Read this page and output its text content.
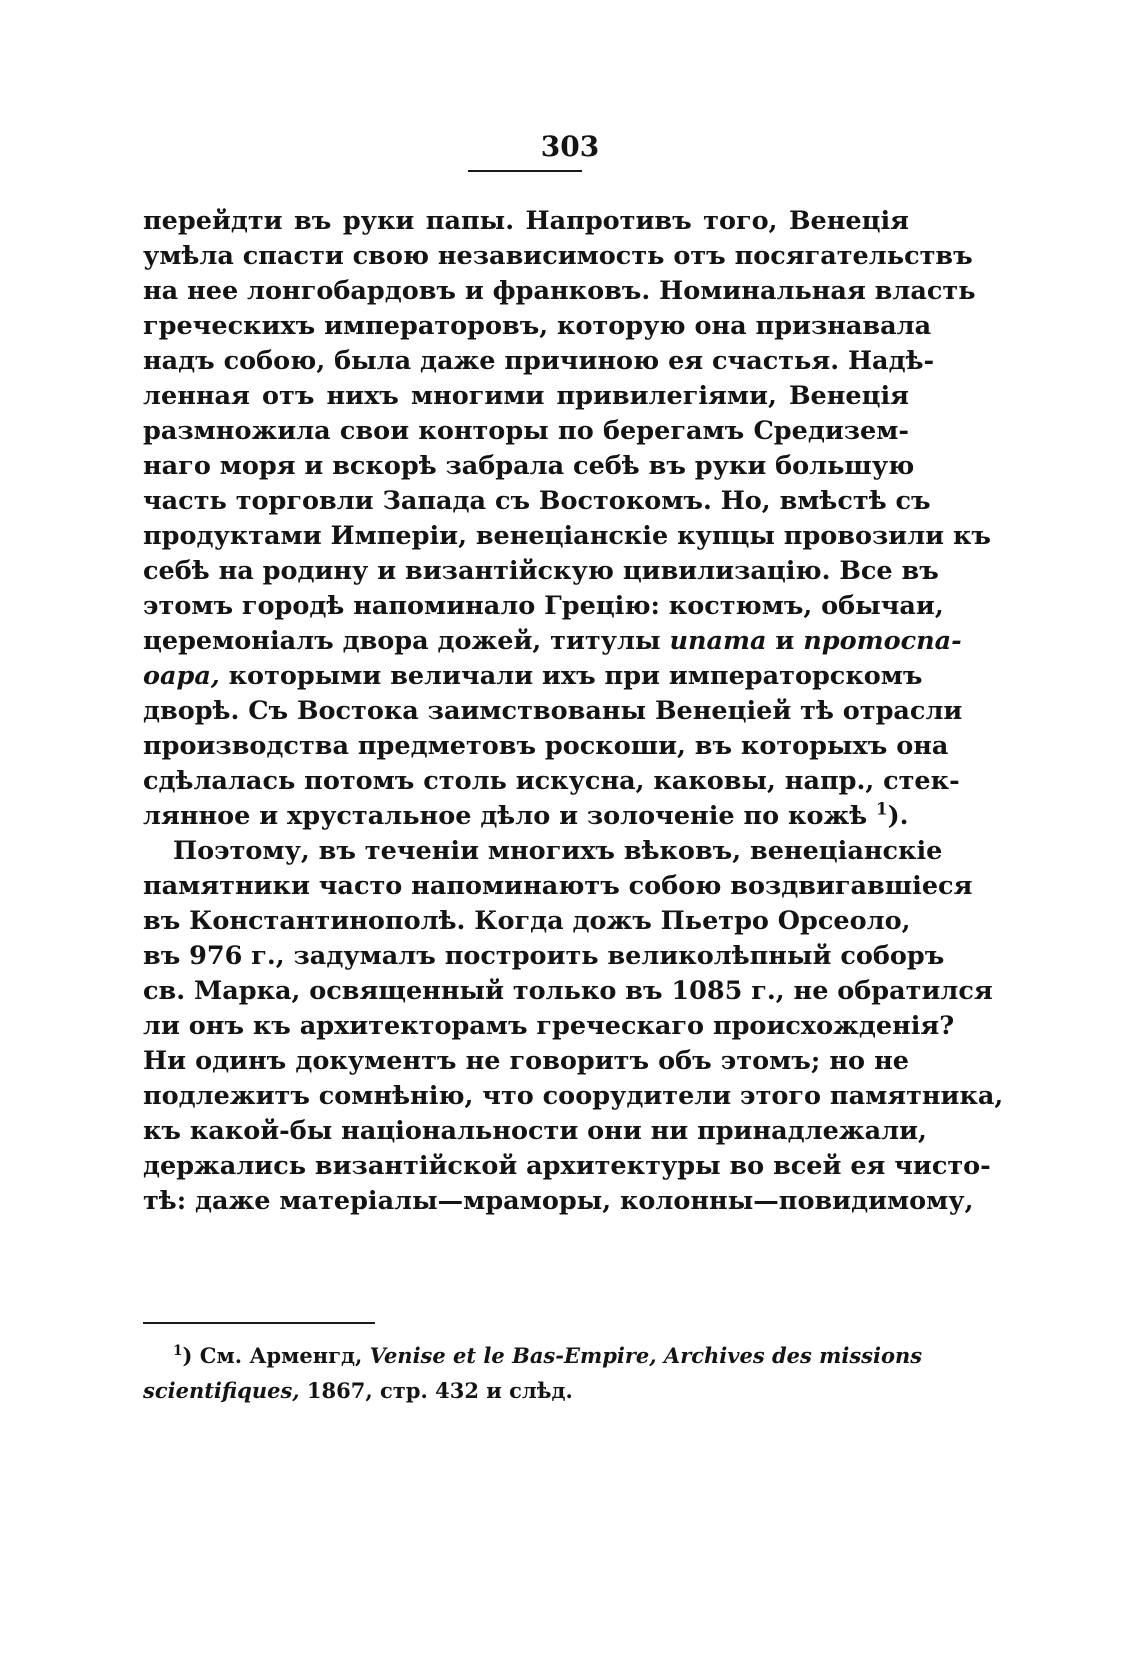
303
перейдти въ руки папы. Напротивъ того, Венецiя
умѣла спасти свою независимость отъ посягательствъ
на нее лонгобардовъ и франковъ. Номинальная власть
греческихъ императоровъ, которую она признавала
надъ собою, была даже причиною ея счастья. Надѣ-
ленная отъ нихъ многими привилегiями, Венецiя
размножила свои конторы по берегамъ Средизем-
наго моря и вскорѣ забрала себѣ въ руки большую
часть торговли Запада съ Востокомъ. Но, вмѣстѣ съ
продуктами Имперiи, венецiанскiе купцы провозили къ
себѣ на родину и византiйскую цивилизацiю. Все въ
этомъ городѣ напоминало Грецiю: костюмъ, обычаи,
церемонiалъ двора дожей, титулы ипата и протоспа-
оара, которыми величали ихъ при императорскомъ
дворѣ. Съ Востока заимствованы Венецiей тѣ отрасли
производства предметовъ роскоши, въ которыхъ она
сдѣлалась потомъ столь искусна, каковы, напр., стек-
лянное и хрустальное дѣло и золоченiе по кожѣ $^1$).
Поэтому, въ теченiи многихъ вѣковъ, венецiанскiе
памятники часто напоминаютъ собою воздвигавшiеся
въ Константинополѣ. Когда дожъ Пьетро Орсеоло,
въ 976 г., задумалъ построить великолѣпный соборъ
св. Марка, освященный только въ 1085 г., не обратился
ли онъ къ архитекторамъ греческаго происхожденiя?
Ни одинъ документъ не говоритъ объ этомъ; но не
подлежитъ сомнѣнiю, что соорудители этого памятника,
къ какой-бы нацiональности они ни принадлежали,
держались византiйской архитектуры во всей ея чисто-
тѣ: даже матерiалы—мраморы, колонны—повидимому,
$^1$) См. Арменгд, Venise et le Bas-Empire, Archives des missions
scientifiques, 1867, стр. 432 и слѣд.
